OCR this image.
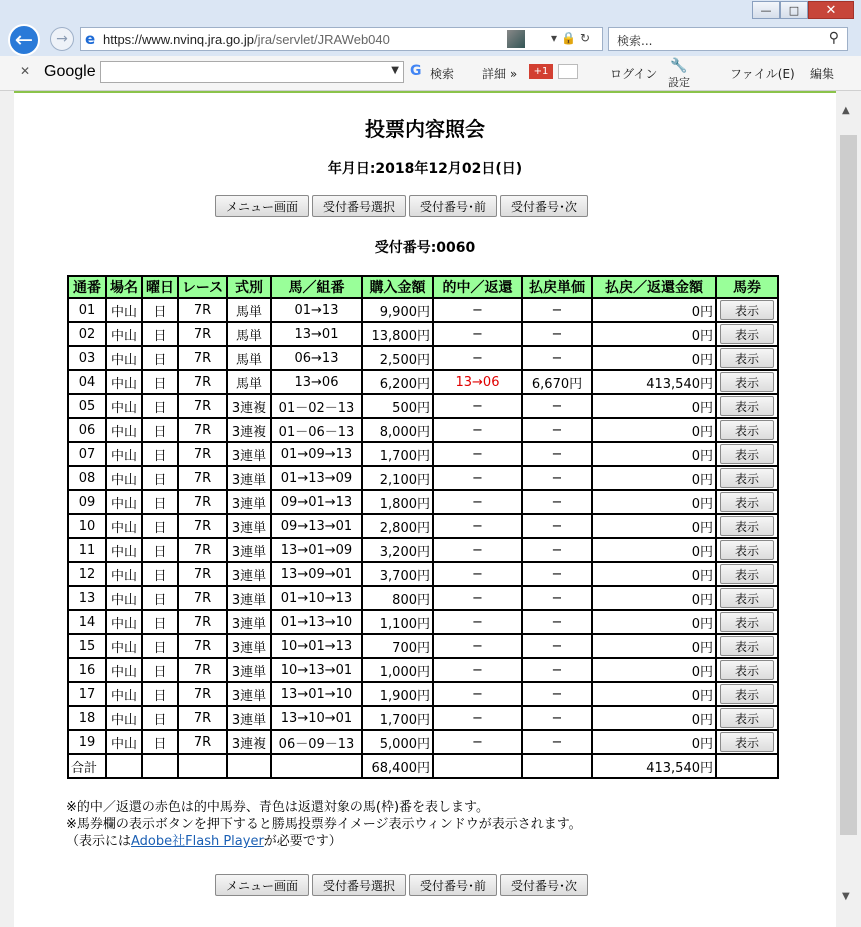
—	□	✕
←	→	e https://www.nvinq.jra.go.jp/jra/servlet/JRAWeb040	▾🔒↻ 検索...	⚲
✕ Google	▼ G 検索 詳細 »	+1	ログイン 🔧
設定
ファイル(E) 編集
投票内容照会
年月日:2018年12月02日(日)
メニュー画面 受付番号選択 受付番号･前 受付番号･次
受付番号:0060
通番	場名	曜日	レース	式別	馬／組番	購入金額	的中／返還	払戻単価	払戻／返還金額	馬券
01	中山	日	7R	馬単	01→13	9,900円	−	−	0円	表示
02	中山	日	7R	馬単	13→01	13,800円	−	−	0円	表示
03	中山	日	7R	馬単	06→13	2,500円	−	−	0円	表示
04	中山	日	7R	馬単	13→06	6,200円	13→06	6,670円	413,540円	表示
05	中山	日	7R	3連複	01－02－13	500円	−	−	0円	表示
06	中山	日	7R	3連複	01－06－13	8,000円	−	−	0円	表示
07	中山	日	7R	3連単	01→09→13	1,700円	−	−	0円	表示
08	中山	日	7R	3連単	01→13→09	2,100円	−	−	0円	表示
09	中山	日	7R	3連単	09→01→13	1,800円	−	−	0円	表示
10	中山	日	7R	3連単	09→13→01	2,800円	−	−	0円	表示
11	中山	日	7R	3連単	13→01→09	3,200円	−	−	0円	表示
12	中山	日	7R	3連単	13→09→01	3,700円	−	−	0円	表示
13	中山	日	7R	3連単	01→10→13	800円	−	−	0円	表示
14	中山	日	7R	3連単	01→13→10	1,100円	−	−	0円	表示
15	中山	日	7R	3連単	10→01→13	700円	−	−	0円	表示
16	中山	日	7R	3連単	10→13→01	1,000円	−	−	0円	表示
17	中山	日	7R	3連単	13→01→10	1,900円	−	−	0円	表示
18	中山	日	7R	3連単	13→10→01	1,700円	−	−	0円	表示
19	中山	日	7R	3連複	06－09－13	5,000円	−	−	0円	表示
合計						68,400円			413,540円	
※的中／返還の赤色は的中馬券、青色は返還対象の馬(枠)番を表します。
※馬券欄の表示ボタンを押下すると勝馬投票券イメージ表示ウィンドウが表示されます。
（表示にはAdobe社Flash Playerが必要です）
メニュー画面 受付番号選択 受付番号･前 受付番号･次
▲
▼
